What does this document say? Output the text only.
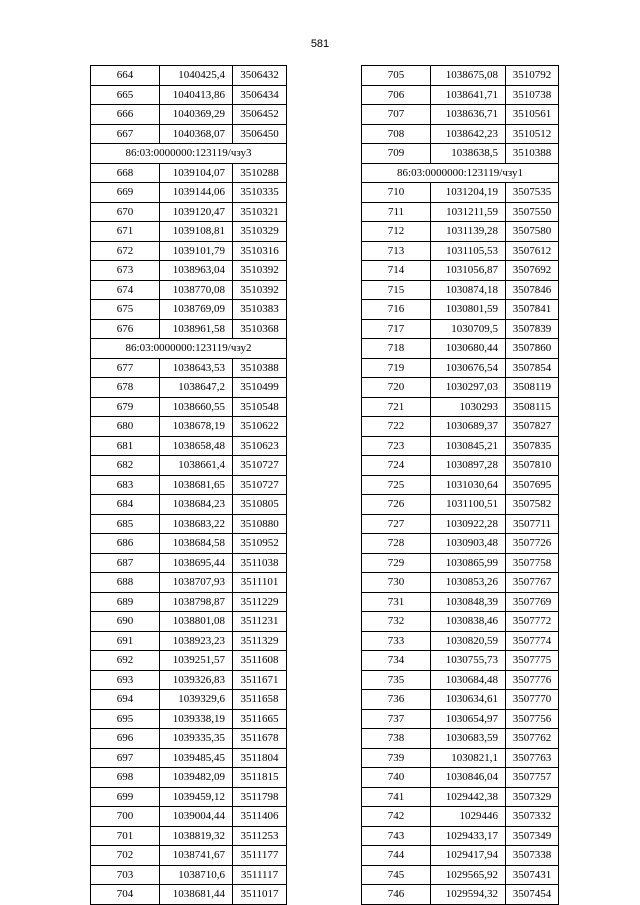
581
664	1040425,4	3506432
665	1040413,86	3506434
666	1040369,29	3506452
667	1040368,07	3506450
86:03:0000000:123119/чзу3		
668	1039104,07	3510288
669	1039144,06	3510335
670	1039120,47	3510321
671	1039108,81	3510329
672	1039101,79	3510316
673	1038963,04	3510392
674	1038770,08	3510392
675	1038769,09	3510383
676	1038961,58	3510368
86:03:0000000:123119/чзу2		
677	1038643,53	3510388
678	1038647,2	3510499
679	1038660,55	3510548
680	1038678,19	3510622
681	1038658,48	3510623
682	1038661,4	3510727
683	1038681,65	3510727
684	1038684,23	3510805
685	1038683,22	3510880
686	1038684,58	3510952
687	1038695,44	3511038
688	1038707,93	3511101
689	1038798,87	3511229
690	1038801,08	3511231
691	1038923,23	3511329
692	1039251,57	3511608
693	1039326,83	3511671
694	1039329,6	3511658
695	1039338,19	3511665
696	1039335,35	3511678
697	1039485,45	3511804
698	1039482,09	3511815
699	1039459,12	3511798
700	1039004,44	3511406
701	1038819,32	3511253
702	1038741,67	3511177
703	1038710,6	3511117
704	1038681,44	3511017
705	1038675,08	3510792
706	1038641,71	3510738
707	1038636,71	3510561
708	1038642,23	3510512
709	1038638,5	3510388
86:03:0000000:123119/чзу1		
710	1031204,19	3507535
711	1031211,59	3507550
712	1031139,28	3507580
713	1031105,53	3507612
714	1031056,87	3507692
715	1030874,18	3507846
716	1030801,59	3507841
717	1030709,5	3507839
718	1030680,44	3507860
719	1030676,54	3507854
720	1030297,03	3508119
721	1030293	3508115
722	1030689,37	3507827
723	1030845,21	3507835
724	1030897,28	3507810
725	1031030,64	3507695
726	1031100,51	3507582
727	1030922,28	3507711
728	1030903,48	3507726
729	1030865,99	3507758
730	1030853,26	3507767
731	1030848,39	3507769
732	1030838,46	3507772
733	1030820,59	3507774
734	1030755,73	3507775
735	1030684,48	3507776
736	1030634,61	3507770
737	1030654,97	3507756
738	1030683,59	3507762
739	1030821,1	3507763
740	1030846,04	3507757
741	1029442,38	3507329
742	1029446	3507332
743	1029433,17	3507349
744	1029417,94	3507338
745	1029565,92	3507431
746	1029594,32	3507454
